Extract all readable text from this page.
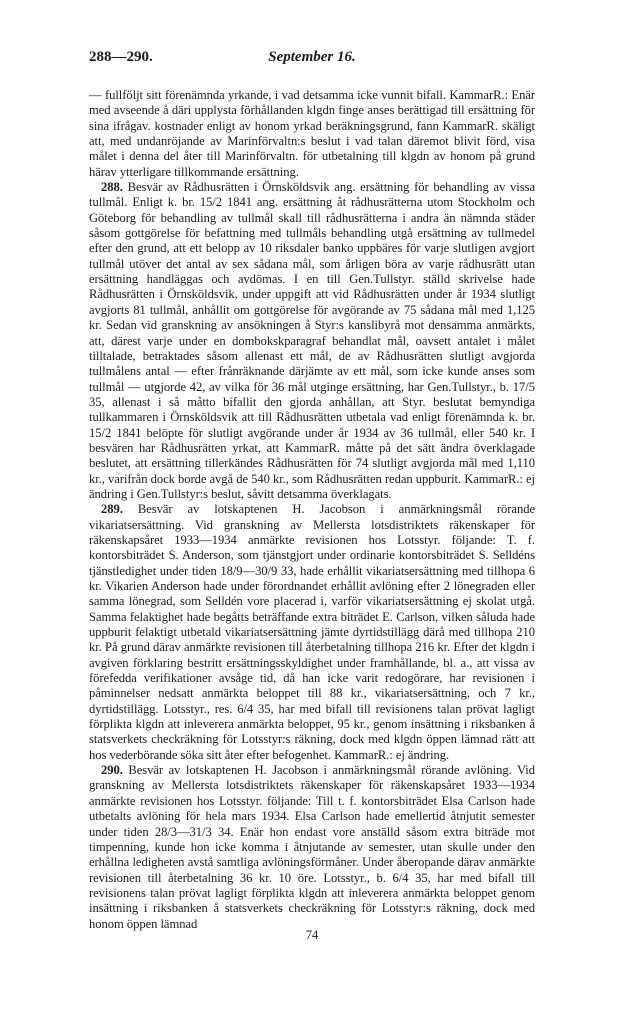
288—290.	September 16.

— fullföljt sitt förenämnda yrkande, i vad detsamma icke vunnit bifall. KammarR.: Enär med avseende å däri upplysta förhållanden klgdn finge anses berättigad till ersättning för sina ifrågav. kostnader enligt av honom yrkad beräkningsgrund, fann KammarR. skäligt att, med undanröjande av Marinförvaltn:s beslut i vad talan däremot blivit förd, visa målet i denna del åter till Marinförvaltn. för utbetalning till klgdn av honom på grund härav ytterligare tillkommande ersättning.

288. Besvär av Rådhusrätten i Örnsköldsvik ang. ersättning för behandling av vissa tullmål. Enligt k. br. 15/2 1841 ang. ersättning åt rådhusrätterna utom Stockholm och Göteborg för behandling av tullmål skall till rådhusrätterna i andra än nämnda städer såsom gottgörelse för befattning med tullmåls behandling utgå ersättning av tullmedel efter den grund, att ett belopp av 10 riksdaler banko uppbäres för varje slutligen avgjort tullmål utöver det antal av sex sådana mål, som årligen böra av varje rådhusrätt utan ersättning handläggas och avdömas. I en till Gen.Tullstyr. ställd skrivelse hade Rådhusrätten i Örnsköldsvik, under uppgift att vid Rådhusrätten under år 1934 slutligt avgjorts 81 tullmål, anhållit om gottgörelse för avgörande av 75 sådana mål med 1,125 kr. Sedan vid granskning av ansökningen å Styr:s kanslibyrå mot densamma anmärkts, att, därest varje under en dombokskparagraf behandlat mål, oavsett antalet i målet tilltalade, betraktades såsom allenast ett mål, de av Rådhusrätten slutligt avgjorda tullmålens antal — efter frånräknande därjämte av ett mål, som icke kunde anses som tullmål — utgjorde 42, av vilka för 36 mål utginge ersättning, har Gen.Tullstyr., b. 17/5 35, allenast i så måtto bifallit den gjorda anhållan, att Styr. beslutat bemyndiga tullkammaren i Örnsköldsvik att till Rådhusrätten utbetala vad enligt förenämnda k. br. 15/2 1841 belöpte för slutligt avgörande under år 1934 av 36 tullmål, eller 540 kr. I besvären har Rådhusrätten yrkat, att KammarR. måtte på det sätt ändra överklagade beslutet, att ersättning tillerkändes Rådhusrätten för 74 slutligt avgjorda mål med 1,110 kr., varifrån dock borde avgå de 540 kr., som Rådhusrätten redan uppburit. KammarR.: ej ändring i Gen.Tullstyr:s beslut, såvitt detsamma överklagats.

289. Besvär av lotskaptenen H. Jacobson i anmärkningsmål rörande vikariatsersättning. Vid granskning av Mellersta lotsdistriktets räkenskaper för räkenskapsåret 1933—1934 anmärkte revisionen hos Lotsstyr. följande: T. f. kontorsbiträdet S. Anderson, som tjänstgjort under ordinarie kontorsbiträdet S. Selldéns tjänstledighet under tiden 18/9—30/9 33, hade erhållit vikariatsersättning med tillhopa 6 kr. Vikarien Anderson hade under förordnandet erhållit avlöning efter 2 lönegraden eller samma lönegrad, som Selldén vore placerad i, varför vikariatsersättning ej skolat utgå. Samma felaktighet hade begåtts beträffande extra biträdet E. Carlson, vilken såluda hade uppburit felaktigt utbetald vikariatsersättning jämte dyrtidstillägg därå med tillhopa 210 kr. På grund därav anmärkte revisionen till återbetalning tillhopa 216 kr. Efter det klgdn i avgiven förklaring bestritt ersättningsskyldighet under framhållande, bl. a., att vissa av förefedda verifikationer avsåge tid, då han icke varit redogörare, har revisionen i påminnelser nedsatt anmärkta beloppet till 88 kr., vikariatsersättning, och 7 kr., dyrtidstillägg. Lotsstyr., res. 6/4 35, har med bifall till revisionens talan prövat lagligt förplikta klgdn att inleverera anmärkta beloppet, 95 kr., genom insättning i riksbanken å statsverkets checkräkning för Lotsstyr:s räkning, dock med klgdn öppen lämnad rätt att hos vederbörande söka sitt åter efter befogenhet. KammarR.: ej ändring.

290. Besvär av lotskaptenen H. Jacobson i anmärkningsmål rörande avlöning. Vid granskning av Mellersta lotsdistriktets räkenskaper för räkenskapsåret 1933—1934 anmärkte revisionen hos Lotsstyr. följande: Till t. f. kontorsbiträdet Elsa Carlson hade utbetalts avlöning för hela mars 1934. Elsa Carlson hade emellertid åtnjutit semester under tiden 28/3—31/3 34. Enär hon endast vore anställd såsom extra biträde mot timpenning, kunde hon icke komma i åtnjutande av semester, utan skulle under den erhållna ledigheten avstå samtliga avlöningsförmåner. Under åberopande därav anmärkte revisionen till återbetalning 36 kr. 10 öre. Lotsstyr., b. 6/4 35, har med bifall till revisionens talan prövat lagligt förplikta klgdn att inleverera anmärkta beloppet genom insättning i riksbanken å statsverkets checkräkning för Lotsstyr:s räkning, dock med honom öppen lämnad

74
